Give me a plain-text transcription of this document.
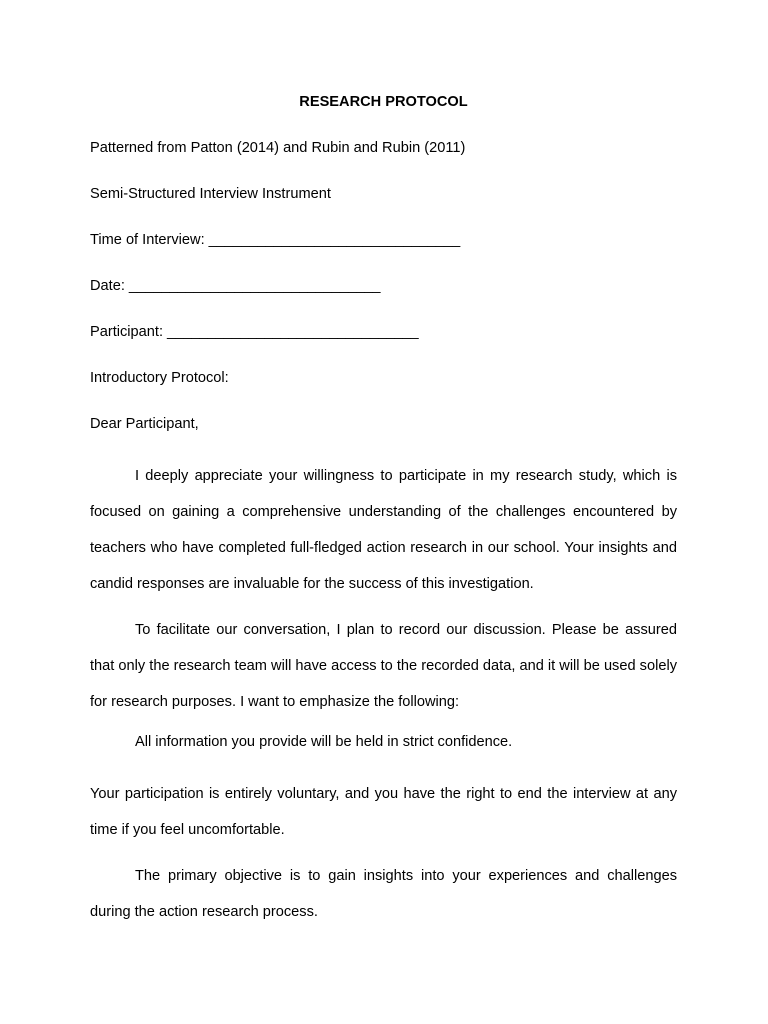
RESEARCH PROTOCOL
Patterned from Patton (2014) and Rubin and Rubin (2011)
Semi-Structured Interview Instrument
Time of Interview: _______________________________
Date: _______________________________
Participant: _______________________________
Introductory Protocol:
Dear Participant,

I deeply appreciate your willingness to participate in my research study, which is focused on gaining a comprehensive understanding of the challenges encountered by teachers who have completed full-fledged action research in our school. Your insights and candid responses are invaluable for the success of this investigation.

To facilitate our conversation, I plan to record our discussion. Please be assured that only the research team will have access to the recorded data, and it will be used solely for research purposes. I want to emphasize the following:

All information you provide will be held in strict confidence.

Your participation is entirely voluntary, and you have the right to end the interview at any time if you feel uncomfortable.

The primary objective is to gain insights into your experiences and challenges during the action research process.
